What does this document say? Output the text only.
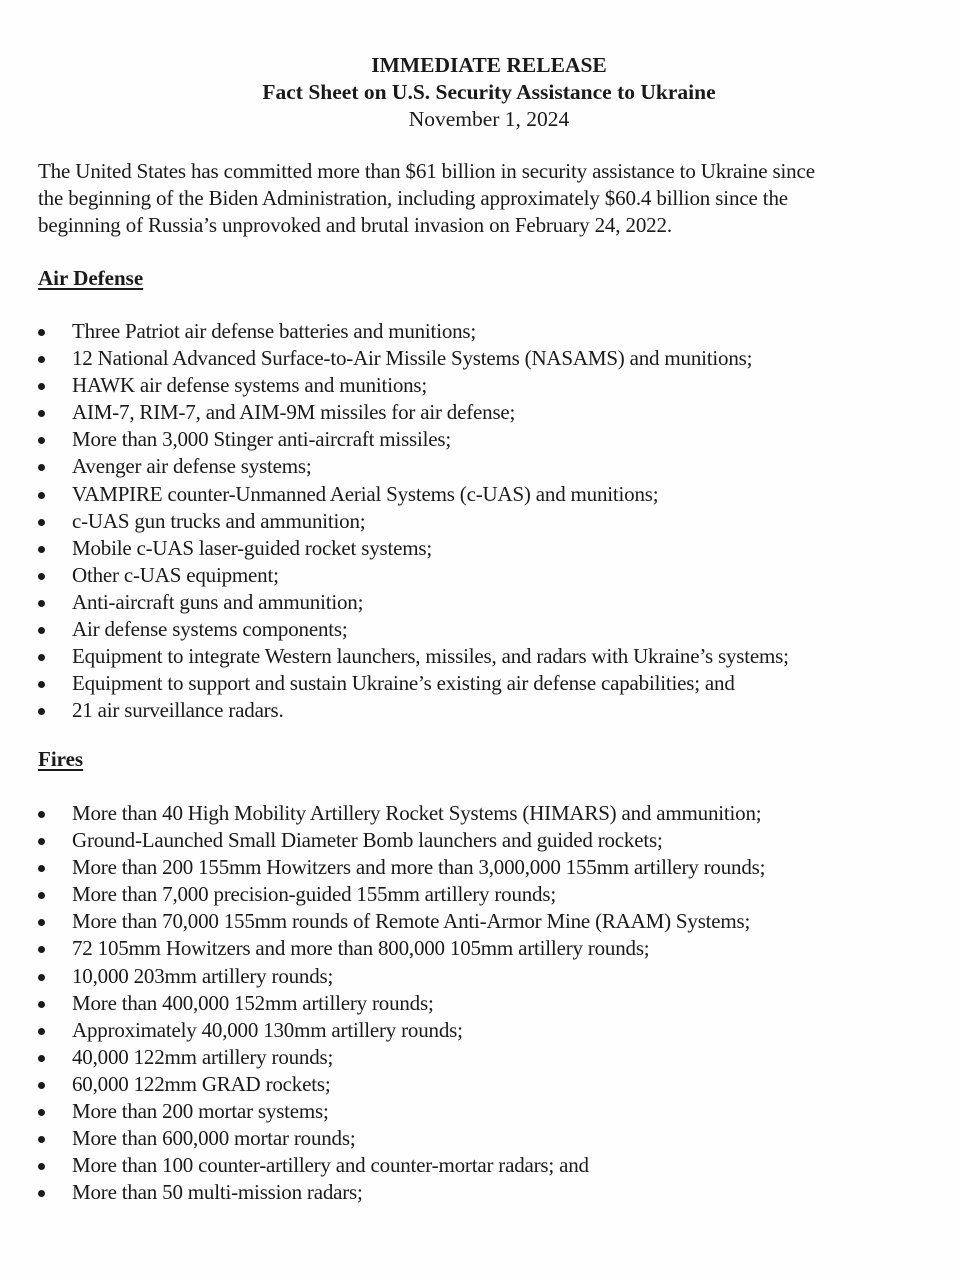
IMMEDIATE RELEASE
Fact Sheet on U.S. Security Assistance to Ukraine
November 1, 2024
The United States has committed more than $61 billion in security assistance to Ukraine since
the beginning of the Biden Administration, including approximately $60.4 billion since the
beginning of Russia’s unprovoked and brutal invasion on February 24, 2022.
Air Defense
Three Patriot air defense batteries and munitions;
12 National Advanced Surface-to-Air Missile Systems (NASAMS) and munitions;
HAWK air defense systems and munitions;
AIM-7, RIM-7, and AIM-9M missiles for air defense;
More than 3,000 Stinger anti-aircraft missiles;
Avenger air defense systems;
VAMPIRE counter-Unmanned Aerial Systems (c-UAS) and munitions;
c-UAS gun trucks and ammunition;
Mobile c-UAS laser-guided rocket systems;
Other c-UAS equipment;
Anti-aircraft guns and ammunition;
Air defense systems components;
Equipment to integrate Western launchers, missiles, and radars with Ukraine’s systems;
Equipment to support and sustain Ukraine’s existing air defense capabilities; and
21 air surveillance radars.
Fires
More than 40 High Mobility Artillery Rocket Systems (HIMARS) and ammunition;
Ground-Launched Small Diameter Bomb launchers and guided rockets;
More than 200 155mm Howitzers and more than 3,000,000 155mm artillery rounds;
More than 7,000 precision-guided 155mm artillery rounds;
More than 70,000 155mm rounds of Remote Anti-Armor Mine (RAAM) Systems;
72 105mm Howitzers and more than 800,000 105mm artillery rounds;
10,000 203mm artillery rounds;
More than 400,000 152mm artillery rounds;
Approximately 40,000 130mm artillery rounds;
40,000 122mm artillery rounds;
60,000 122mm GRAD rockets;
More than 200 mortar systems;
More than 600,000 mortar rounds;
More than 100 counter-artillery and counter-mortar radars; and
More than 50 multi-mission radars;
